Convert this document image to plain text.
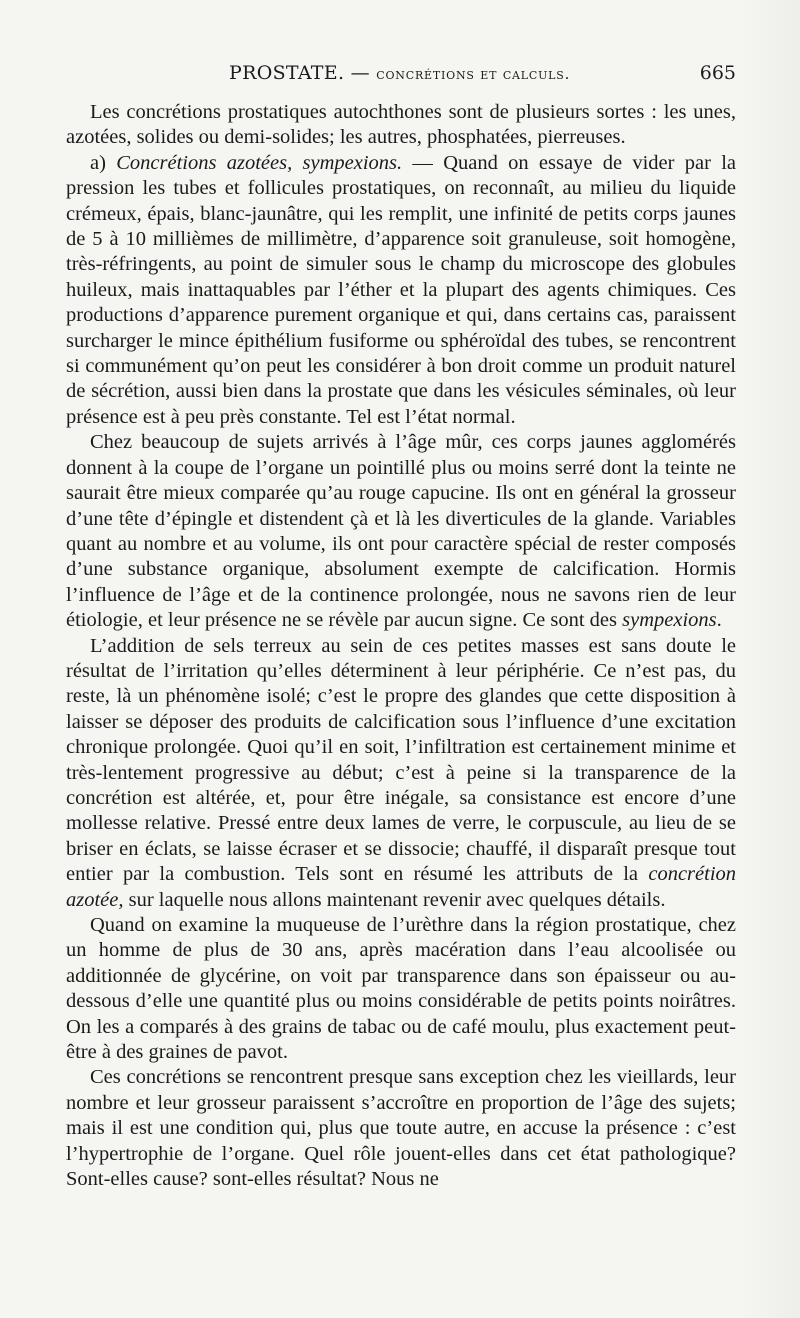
PROSTATE. — concrétions et calculs.	665

Les concrétions prostatiques autochthones sont de plusieurs sortes : les unes, azotées, solides ou demi-solides; les autres, phosphatées, pierreuses.

a) Concrétions azotées, sympexions. — Quand on essaye de vider par la pression les tubes et follicules prostatiques, on reconnaît, au milieu du liquide crémeux, épais, blanc-jaunâtre, qui les remplit, une infinité de petits corps jaunes de 5 à 10 millièmes de millimètre, d’apparence soit granuleuse, soit homogène, très-réfringents, au point de simuler sous le champ du microscope des globules huileux, mais inattaquables par l’éther et la plupart des agents chimiques. Ces productions d’apparence purement organique et qui, dans certains cas, paraissent surcharger le mince épithélium fusiforme ou sphéroïdal des tubes, se rencontrent si communément qu’on peut les considérer à bon droit comme un produit naturel de sécrétion, aussi bien dans la prostate que dans les vésicules séminales, où leur présence est à peu près constante. Tel est l’état normal.

Chez beaucoup de sujets arrivés à l’âge mûr, ces corps jaunes agglomérés donnent à la coupe de l’organe un pointillé plus ou moins serré dont la teinte ne saurait être mieux comparée qu’au rouge capucine. Ils ont en général la grosseur d’une tête d’épingle et distendent çà et là les diverticules de la glande. Variables quant au nombre et au volume, ils ont pour caractère spécial de rester composés d’une substance organique, absolument exempte de calcification. Hormis l’influence de l’âge et de la continence prolongée, nous ne savons rien de leur étiologie, et leur présence ne se révèle par aucun signe. Ce sont des sympexions.

L’addition de sels terreux au sein de ces petites masses est sans doute le résultat de l’irritation qu’elles déterminent à leur périphérie. Ce n’est pas, du reste, là un phénomène isolé; c’est le propre des glandes que cette disposition à laisser se déposer des produits de calcification sous l’influence d’une excitation chronique prolongée. Quoi qu’il en soit, l’infiltration est certainement minime et très-lentement progressive au début; c’est à peine si la transparence de la concrétion est altérée, et, pour être inégale, sa consistance est encore d’une mollesse relative. Pressé entre deux lames de verre, le corpuscule, au lieu de se briser en éclats, se laisse écraser et se dissocie; chauffé, il disparaît presque tout entier par la combustion. Tels sont en résumé les attributs de la concrétion azotée, sur laquelle nous allons maintenant revenir avec quelques détails.

Quand on examine la muqueuse de l’urèthre dans la région prostatique, chez un homme de plus de 30 ans, après macération dans l’eau alcoolisée ou additionnée de glycérine, on voit par transparence dans son épaisseur ou au-dessous d’elle une quantité plus ou moins considérable de petits points noirâtres. On les a comparés à des grains de tabac ou de café moulu, plus exactement peut-être à des graines de pavot.

Ces concrétions se rencontrent presque sans exception chez les vieillards, leur nombre et leur grosseur paraissent s’accroître en proportion de l’âge des sujets; mais il est une condition qui, plus que toute autre, en accuse la présence : c’est l’hypertrophie de l’organe. Quel rôle jouent-elles dans cet état pathologique? Sont-elles cause? sont-elles résultat? Nous ne
